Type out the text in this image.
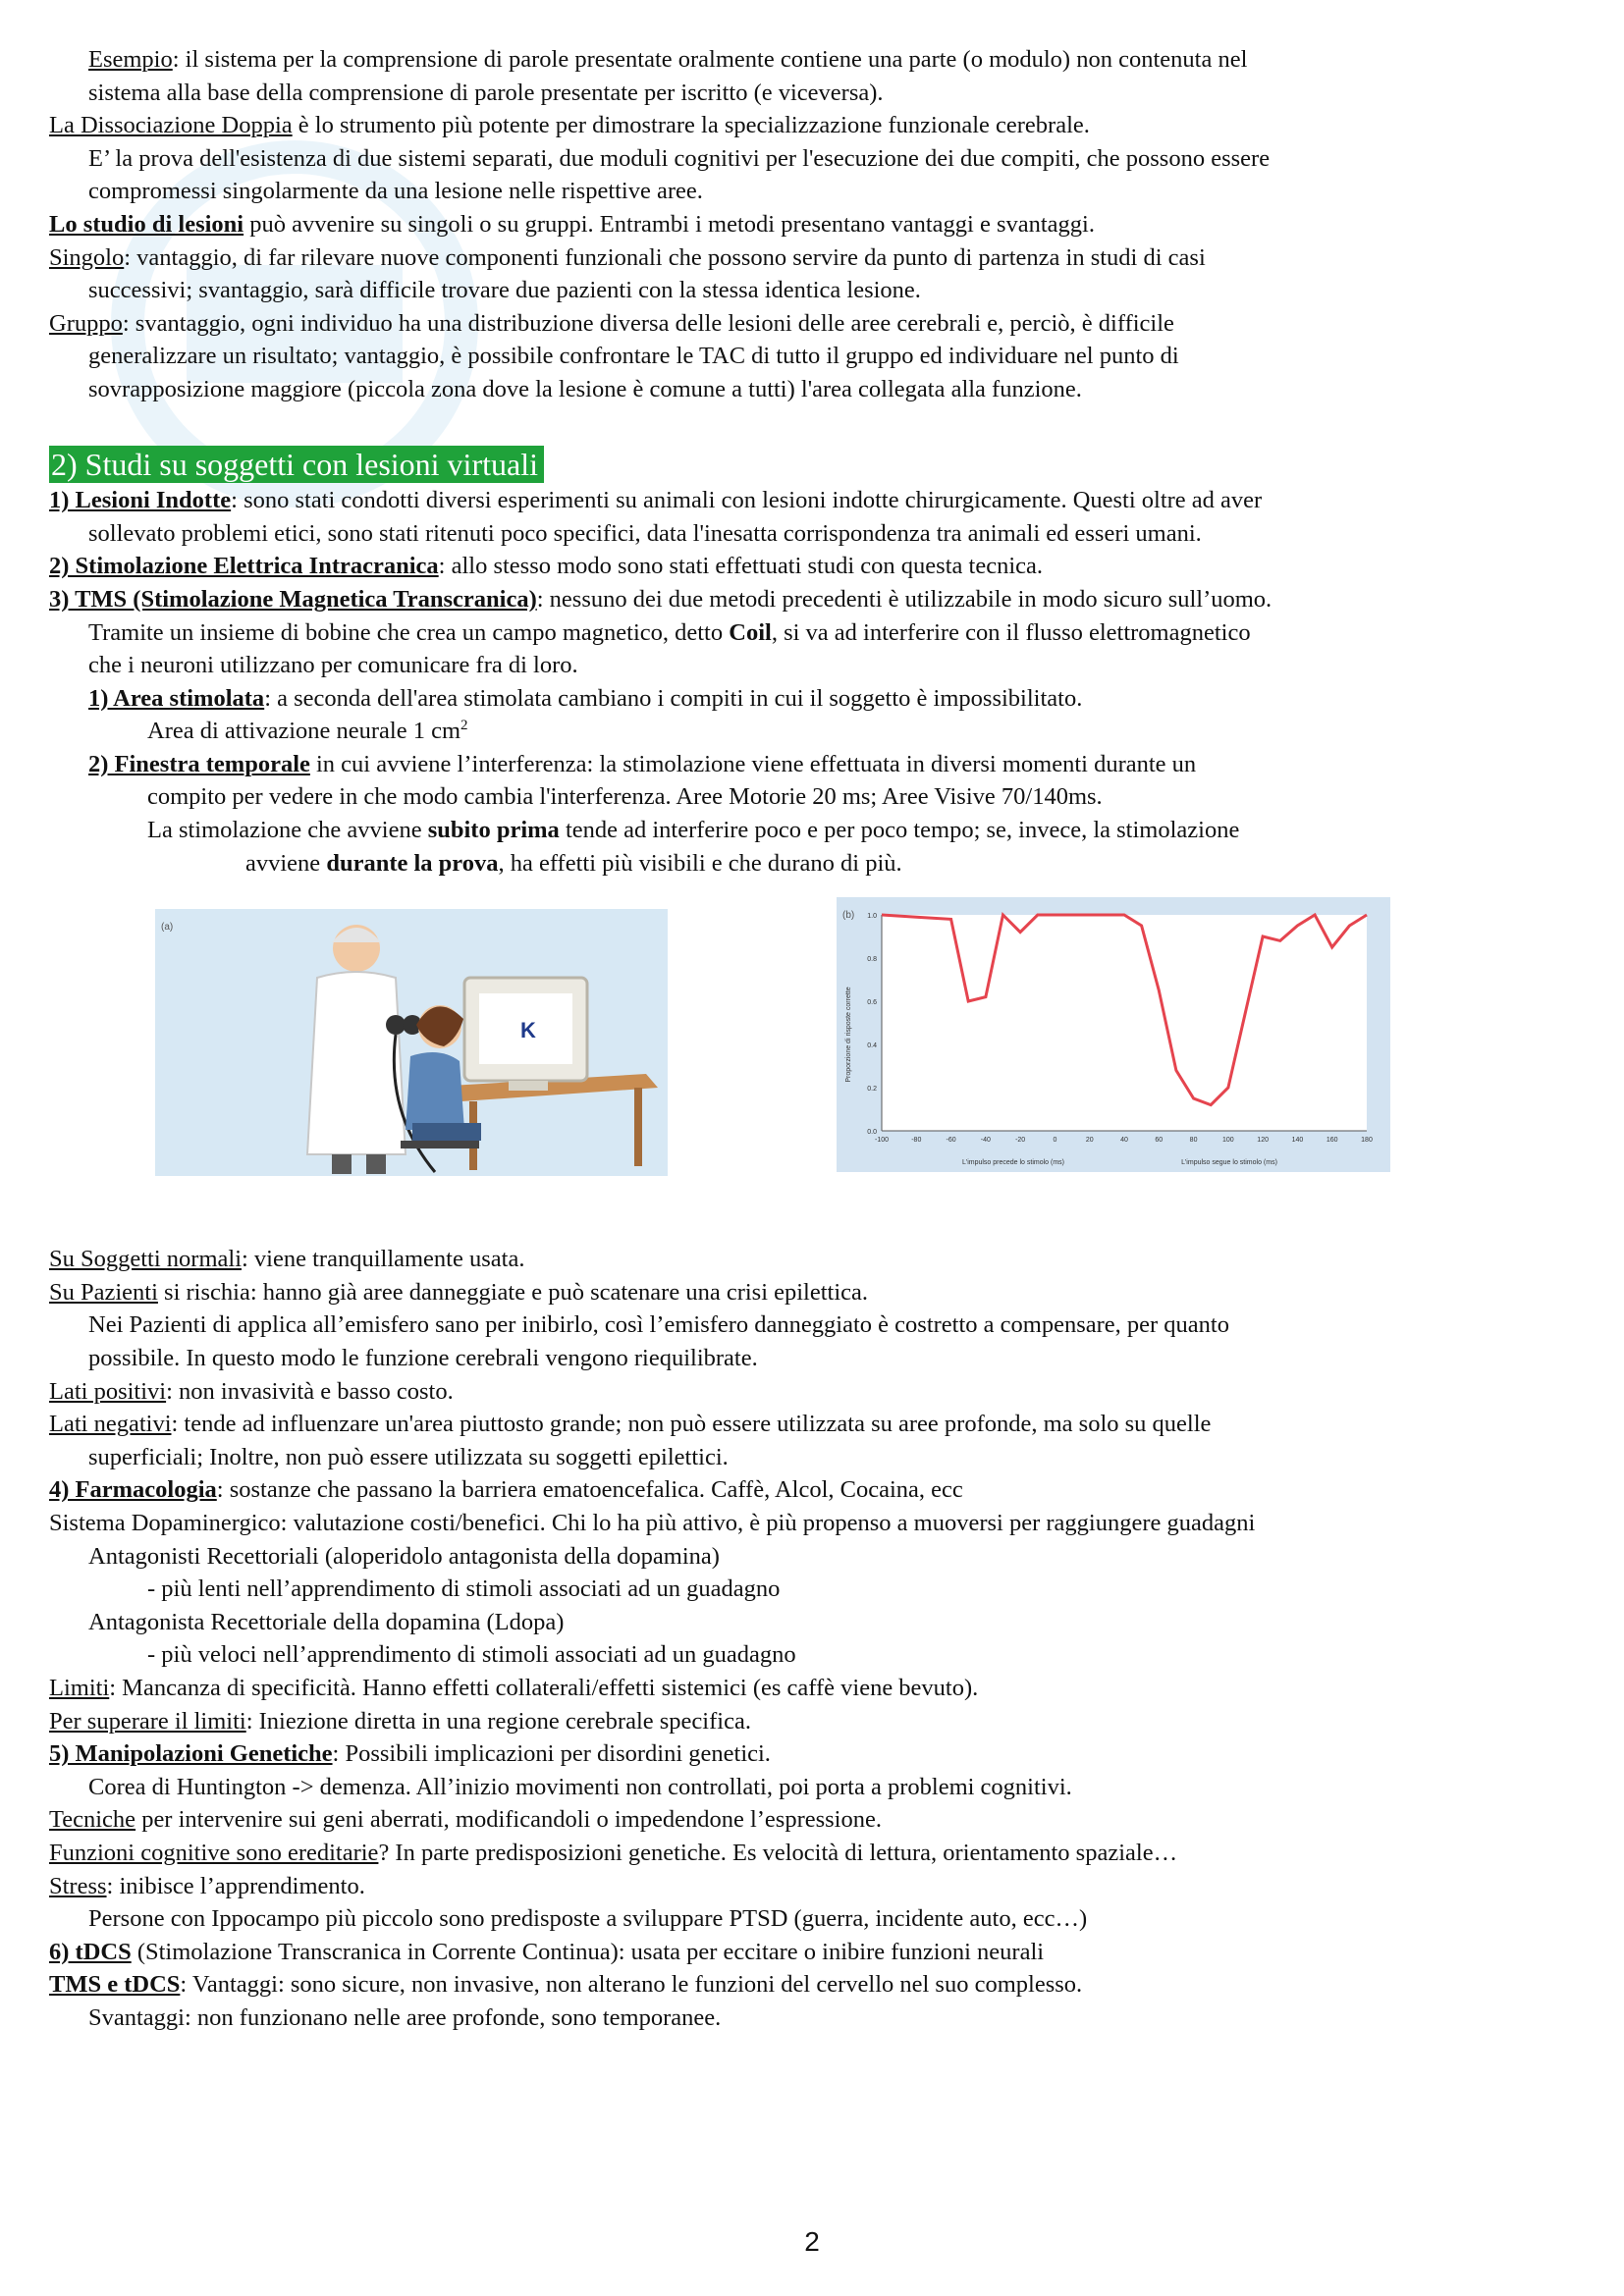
Esempio: il sistema per la comprensione di parole presentate oralmente contiene una parte (o modulo) non contenuta nel
sistema alla base della comprensione di parole presentate per iscritto (e viceversa).
La Dissociazione Doppia è lo strumento più potente per dimostrare la specializzazione funzionale cerebrale.
E’ la prova dell'esistenza di due sistemi separati, due moduli cognitivi per l'esecuzione dei due compiti, che possono essere
compromessi singolarmente da una lesione nelle rispettive aree.
Lo studio di lesioni può avvenire su singoli o su gruppi. Entrambi i metodi presentano vantaggi e svantaggi.
Singolo: vantaggio, di far rilevare nuove componenti funzionali che possono servire da punto di partenza in studi di casi
successivi; svantaggio, sarà difficile trovare due pazienti con la stessa identica lesione.
Gruppo: svantaggio, ogni individuo ha una distribuzione diversa delle lesioni delle aree cerebrali e, perciò, è difficile
generalizzare un risultato; vantaggio, è possibile confrontare le TAC di tutto il gruppo ed individuare nel punto di
sovrapposizione maggiore (piccola zona dove la lesione è comune a tutti) l'area collegata alla funzione.
2) Studi su soggetti con lesioni virtuali
1) Lesioni Indotte: sono stati condotti diversi esperimenti su animali con lesioni indotte chirurgicamente. Questi oltre ad aver
sollevato problemi etici, sono stati ritenuti poco specifici, data l'inesatta corrispondenza tra animali ed esseri umani.
2) Stimolazione Elettrica Intracranica: allo stesso modo sono stati effettuati studi con questa tecnica.
3) TMS (Stimolazione Magnetica Transcranica): nessuno dei due metodi precedenti è utilizzabile in modo sicuro sull’uomo.
Tramite un insieme di bobine che crea un campo magnetico, detto Coil, si va ad interferire con il flusso elettromagnetico
che i neuroni utilizzano per comunicare fra di loro.
1) Area stimolata: a seconda dell'area stimolata cambiano i compiti in cui il soggetto è impossibilitato.
Area di attivazione neurale 1 $cm^2$
2) Finestra temporale in cui avviene l’interferenza: la stimolazione viene effettuata in diversi momenti durante un
compito per vedere in che modo cambia l'interferenza. Aree Motorie 20 ms; Aree Visive 70/140ms.
La stimolazione che avviene subito prima tende ad interferire poco e per poco tempo; se, invece, la stimolazione
avviene durante la prova, ha effetti più visibili e che durano di più.
(a)
K
(b)
-100	-80	-60	-40	-20	0	20	40	60	80	100	120	140	160	180
0.0
0.2
0.4
0.6
0.8
1.0
Proporzione di risposte corrette
L'impulso precede lo stimolo (ms)	L'impulso segue lo stimolo (ms)
Su Soggetti normali: viene tranquillamente usata.
Su Pazienti si rischia: hanno già aree danneggiate e può scatenare una crisi epilettica.
Nei Pazienti di applica all’emisfero sano per inibirlo, così l’emisfero danneggiato è costretto a compensare, per quanto
possibile. In questo modo le funzione cerebrali vengono riequilibrate.
Lati positivi: non invasività e basso costo.
Lati negativi: tende ad influenzare un'area piuttosto grande; non può essere utilizzata su aree profonde, ma solo su quelle
superficiali; Inoltre, non può essere utilizzata su soggetti epilettici.
4) Farmacologia: sostanze che passano la barriera ematoencefalica. Caffè, Alcol, Cocaina, ecc
Sistema Dopaminergico: valutazione costi/benefici. Chi lo ha più attivo, è più propenso a muoversi per raggiungere guadagni
Antagonisti Recettoriali (aloperidolo antagonista della dopamina)
- più lenti nell’apprendimento di stimoli associati ad un guadagno
Antagonista Recettoriale della dopamina (Ldopa)
- più veloci nell’apprendimento di stimoli associati ad un guadagno
Limiti: Mancanza di specificità. Hanno effetti collaterali/effetti sistemici (es caffè viene bevuto).
Per superare il limiti: Iniezione diretta in una regione cerebrale specifica.
5) Manipolazioni Genetiche: Possibili implicazioni per disordini genetici.
Corea di Huntington -> demenza. All’inizio movimenti non controllati, poi porta a problemi cognitivi.
Tecniche per intervenire sui geni aberrati, modificandoli o impedendone l’espressione.
Funzioni cognitive sono ereditarie? In parte predisposizioni genetiche. Es velocità di lettura, orientamento spaziale…
Stress: inibisce l’apprendimento.
Persone con Ippocampo più piccolo sono predisposte a sviluppare PTSD (guerra, incidente auto, ecc…)
6) tDCS (Stimolazione Transcranica in Corrente Continua): usata per eccitare o inibire funzioni neurali
TMS e tDCS: Vantaggi: sono sicure, non invasive, non alterano le funzioni del cervello nel suo complesso.
Svantaggi: non funzionano nelle aree profonde, sono temporanee.
2
